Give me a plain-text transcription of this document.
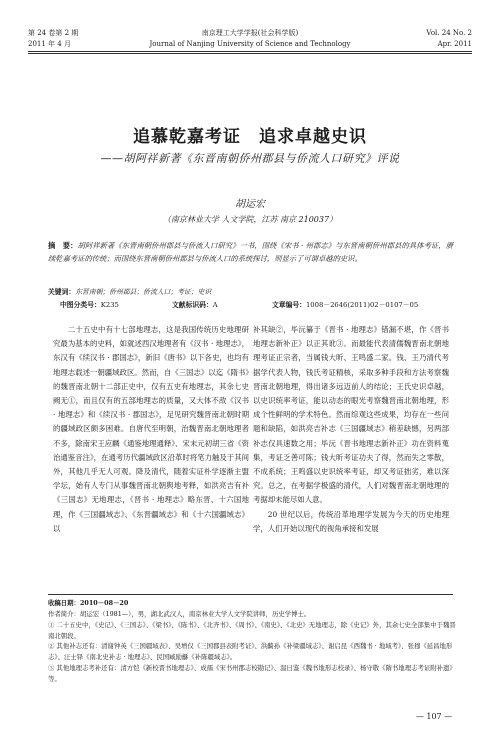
第 24 卷第 2 期
2011 年 4 月
南京理工大学学报(社会科学版)
Journal of Nanjing University of Science and Technology
Vol. 24 No. 2
Apr. 2011
追慕乾嘉考证　追求卓越史识
——胡阿祥新著《东晋南朝侨州郡县与侨流人口研究》评说
胡运宏
（南京林业大学 人文学院，江苏 南京 210037）
摘　要：胡阿祥新著《东晋南朝侨州郡县与侨流人口研究》一书，围绕《宋书 · 州郡志》与东晋南朝侨州郡县的具体考证，赓续乾嘉考证的传统；而围绕东晋南朝侨州郡县与侨流人口的系统探讨，则显示了可谓卓越的史识。
关键词：东晋南朝；侨州郡县；侨流人口；考证；史识
中图分类号：K235	文献标识码：A	文章编号：1008－2646(2011)02－0107－05

二十五史中有十七部地理志，这是我国传统历史地理研究最为基本的史料，如就述西汉地理者有《汉书 · 地理志》，东汉有《续汉书 · 郡国志》，新旧《唐书》以下各史，也均有地理志载述一朝疆域政区。然而，自《三国志》以迄《隋书》的魏晋南北朝十二部正史中，仅有五史有地理志，其余七史阙无①，而且仅有的五部地理志的质量，又大体不敌《汉书 · 地理志》和《续汉书 · 郡国志》，足见研究魏晋南北朝时期的疆域政区颇多困难。自唐代至明朝，治魏晋南北朝地理者不多，除南宋王应麟《通鉴地理通释》、宋末元初胡三省《资治通鉴音注》，在通考历代疆域政区沿革时将笔力触及于其间外，其他几乎无人可观。降及清代，随着实证朴学逐渐主盟学坛，始有人专门从事魏晋南北朝舆地考释，如洪亮吉有补《三国志》无地理志，《晋书 · 地理志》略东晋、十六国地理，作《三国疆域志》、《东晋疆域志》和《十六国疆域志》以

补其缺②，毕沅纂于《晋书 · 地理志》错漏不堪，作《晋书地理志新补正》以正其讹③。而最能代表清儒魏晋南北朝地理考证正宗者，当属钱大昕、王鸣盛二家。钱、王乃清代考据学代表人物，钱氏考证精核，采取多种手段和方法考察魏晋南北朝地理，得出诸多远迈前人的结论；王氏史识卓越，以史识统率考证，能以动态的眼光考察魏晋南北朝地理，形成个性鲜明的学术特色。然而综观这些成果，均存在一些问题和缺陷，如洪亮吉补志《三国疆域志》稍差缺憾，另两部补志仅具速数之用；毕沅《晋书地理志新补正》功在资料蒐集，考证乏善可陈；钱大昕考证功夫了得，然而失之零散，不成系统；王鸣盛以史识统率考证，却又考证拙劣，难以深究。总之，在考据学极盛的清代，人们对魏晋南北朝地理的考据却未能尽如人意。

20 世纪以后，传统沿革地理学发展为今天的历史地理学，人们开始以现代的视角承接和发展

收稿日期：2010－08－20
作者简介：胡运宏（1981—），男，湖北武汉人，南京林业大学人文学院讲师，历史学博士。
① 二十五史中，《史记》、《三国志》、《梁书》、《陈书》、《北齐书》、《周书》、《南史》、《北史》无地理志，除《史记》外，其余七史全部集中于魏晋南北朝段。
② 其他补志还有：清谢钟英《三国疆域表》、吴增仅《三国郡县表附考证》、洪齮孙《补梁疆域志》、谢启昆《西魏书 · 地域考》、张穆《延昌地形志》、汪士铎《南北史补志 · 地理志》、民国臧励龢《补陈疆域志》。
③ 其他地理志考补还有：清方恺《新校晋书地理志》、成孺《宋书州郡志校勘记》、温曰鉴《魏书地形志校录》、杨守敬《隋书地理志考证附补遗》等。
— 107 —
